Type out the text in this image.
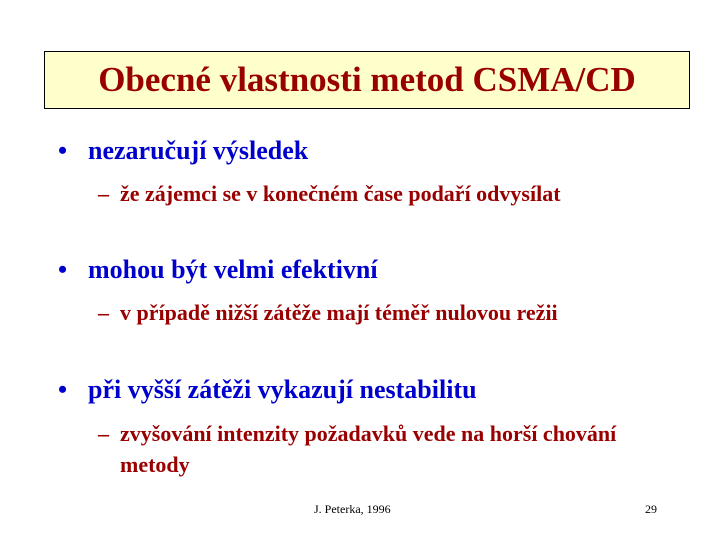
Obecné vlastnosti metod CSMA/CD
• nezaručují výsledek
– že zájemci se v konečném čase podaří odvysílat
• mohou být velmi efektivní
– v případě nižší zátěže mají téměř nulovou režii
• při vyšší zátěži vykazují nestabilitu
– zvyšování intenzity požadavků vede na horší chování metody
J. Peterka, 1996	29
